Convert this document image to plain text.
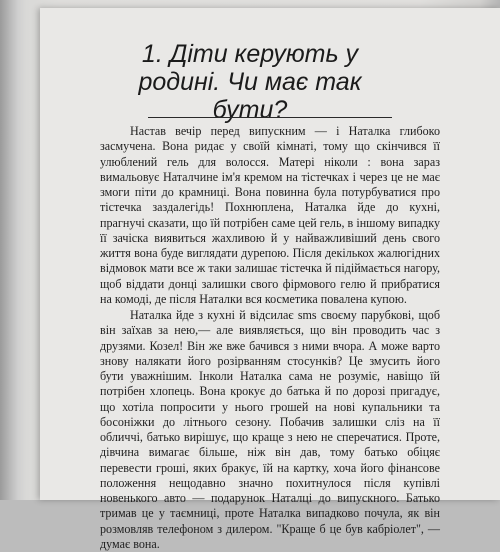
1. Діти керують у
родині. Чи має так
бути?

Настав вечір перед випускним — і Наталка глибоко засмучена. Вона ридає у своїй кімнаті, тому що скінчився її улюблений гель для волосся. Матері ніколи : вона зараз вимальовує Наталчине ім'я кремом на тістечках і через це не має змоги піти до крамниці. Вона повинна була потурбуватися про тістечка заздалегідь! Похнюплена, Наталка йде до кухні, прагнучі сказати, що їй потрібен саме цей гель, в іншому випадку її зачіска виявиться жахливою й у найважливіший день свого життя вона буде виглядати дурепою. Після декількох жалюгідних відмовок мати все ж таки залишає тістечка й підіймається нагору, щоб віддати донці залишки свого фірмового гелю й прибратися на комоді, де після Наталки вся косметика повалена купою.

Наталка йде з кухні й відсилає sms своєму парубкові, щоб він заїхав за нею,— але виявляється, що він проводить час з друзями. Козел! Він же вже бачився з ними вчора. А може варто знову налякати його розірванням стосунків? Це змусить його бути уважнішим. Інколи Наталка сама не розуміє, навіщо їй потрібен хлопець. Вона крокує до батька й по дорозі пригадує, що хотіла попросити у нього грошей на нові купальники та босоніжки до літнього сезону. Побачив залишки сліз на її обличчі, батько вирішує, що краще з нею не сперечатися. Проте, дівчина вимагає більше, ніж він дав, тому батько обіцяє перевести гроші, яких бракує, їй на картку, хоча його фінансове положення нещодавно значно похитнулося після купівлі новенького авто — подарунок Наталці до випускного. Батько тримав це у таємниці, проте Наталка випадково почула, як він розмовляв телефоном з дилером. "Краще б це був кабріолет", — думає вона.
